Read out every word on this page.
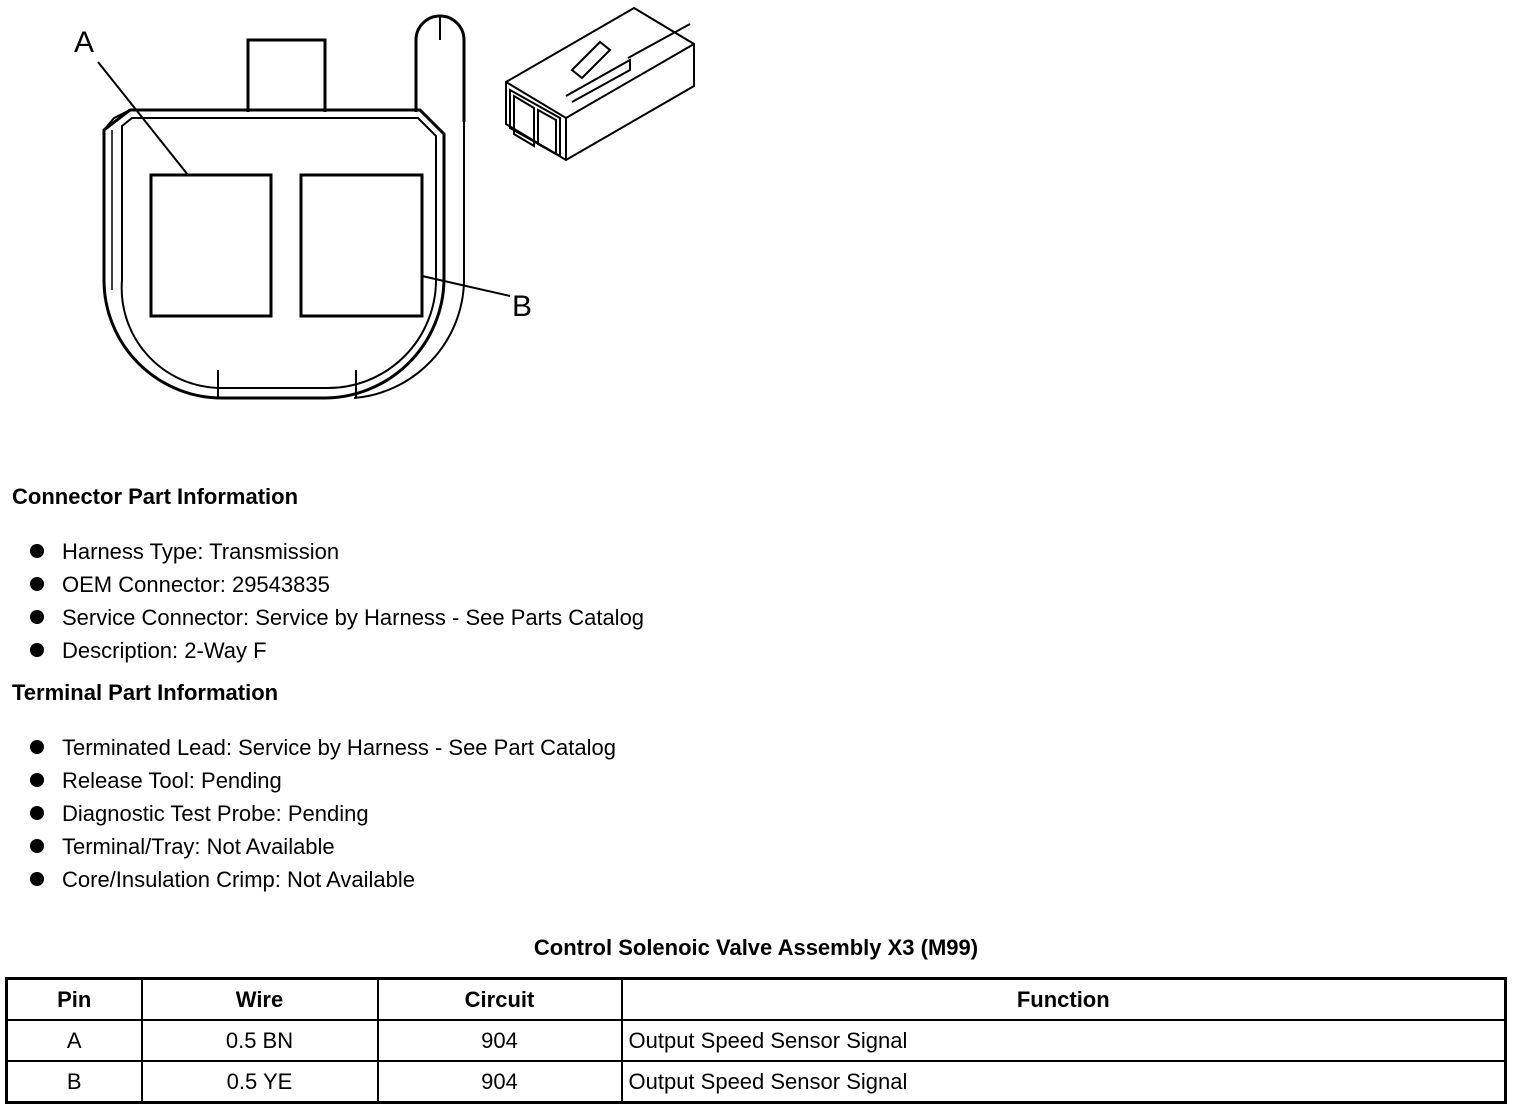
A
B
Connector Part Information
Harness Type: Transmission
OEM Connector: 29543835
Service Connector: Service by Harness - See Parts Catalog
Description: 2-Way F
Terminal Part Information
Terminated Lead: Service by Harness - See Part Catalog
Release Tool: Pending
Diagnostic Test Probe: Pending
Terminal/Tray: Not Available
Core/Insulation Crimp: Not Available
Control Solenoic Valve Assembly X3 (M99)
Pin	Wire	Circuit	Function
A	0.5 BN	904	Output Speed Sensor Signal
B	0.5 YE	904	Output Speed Sensor Signal
